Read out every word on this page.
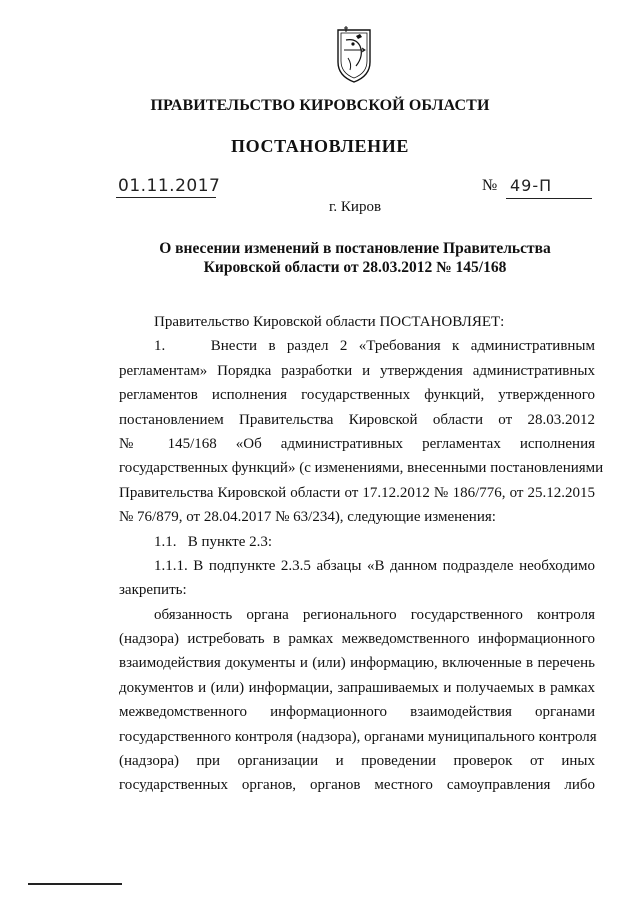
ПРАВИТЕЛЬСТВО КИРОВСКОЙ ОБЛАСТИ
ПОСТАНОВЛЕНИЕ
01.11.2017	№ 49-П
г. Киров
О внесении изменений в постановление Правительства
Кировской области от 28.03.2012 № 145/168
Правительство Кировской области ПОСТАНОВЛЯЕТ:
1.    Внести в раздел 2 «Требования к административным
регламентам» Порядка разработки и утверждения административных
регламентов исполнения государственных функций, утвержденного
постановлением Правительства Кировской области от 28.03.2012
№ 145/168 «Об административных регламентах исполнения
государственных функций» (с изменениями, внесенными постановлениями
Правительства Кировской области от 17.12.2012 № 186/776, от 25.12.2015
№ 76/879, от 28.04.2017 № 63/234), следующие изменения:
1.1.   В пункте 2.3:
1.1.1. В подпункте 2.3.5 абзацы «В данном подразделе необходимо
закрепить:
обязанность органа регионального государственного контроля
(надзора) истребовать в рамках межведомственного информационного
взаимодействия документы и (или) информацию, включенные в перечень
документов и (или) информации, запрашиваемых и получаемых в рамках
межведомственного информационного взаимодействия органами
государственного контроля (надзора), органами муниципального контроля
(надзора) при организации и проведении проверок от иных
государственных органов, органов местного самоуправления либо
